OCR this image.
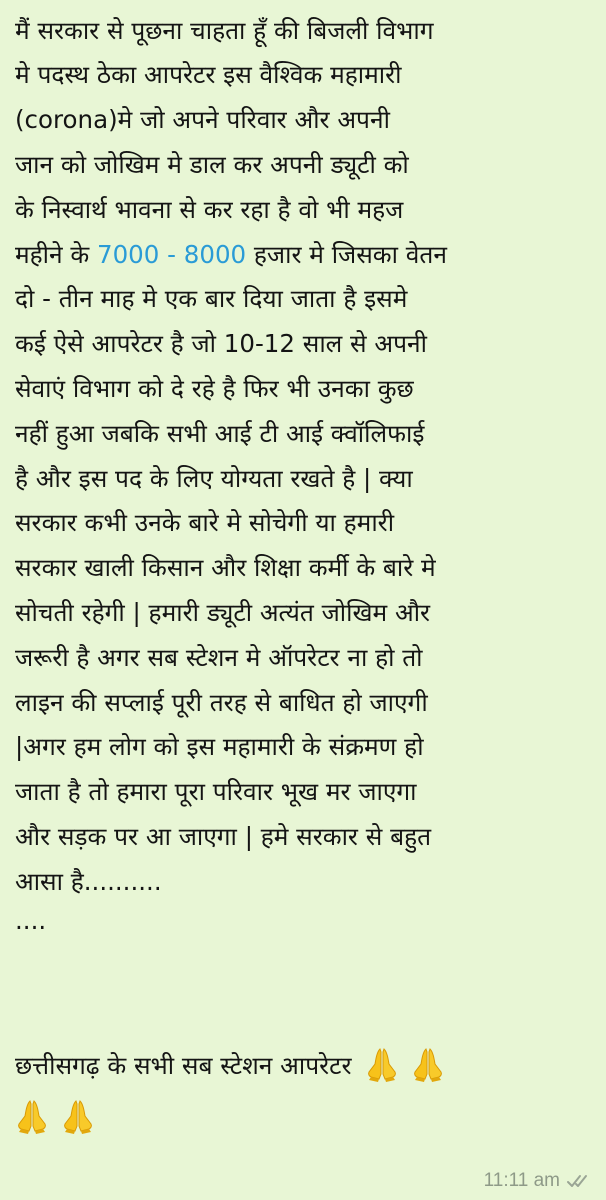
मैं सरकार से पूछना चाहता हूँ की बिजली विभाग
मे पदस्थ ठेका आपरेटर इस वैश्विक महामारी
(corona)मे जो अपने परिवार और अपनी
जान को जोखिम मे डाल कर अपनी ड्यूटी को
के निस्वार्थ भावना से कर रहा है वो भी महज
महीने के 7000 - 8000 हजार मे जिसका वेतन
दो - तीन माह मे एक बार दिया जाता है इसमे
कई ऐसे आपरेटर है जो 10-12 साल से अपनी
सेवाएं विभाग को दे रहे है फिर भी उनका कुछ
नहीं हुआ जबकि सभी आई टी आई क्वॉलिफाई
है और इस पद के लिए योग्यता रखते है | क्या
सरकार कभी उनके बारे मे सोचेगी या हमारी
सरकार खाली किसान और शिक्षा कर्मी के बारे मे
सोचती रहेगी | हमारी ड्यूटी अत्यंत जोखिम और
जरूरी है अगर सब स्टेशन मे ऑपरेटर ना हो तो
लाइन की सप्लाई पूरी तरह से बाधित हो जाएगी
|अगर हम लोग को इस महामारी के संक्रमण हो
जाता है तो हमारा पूरा परिवार भूख मर जाएगा
और सड़क पर आ जाएगा | हमे सरकार से बहुत
आसा है..........
....
छत्तीसगढ़ के सभी सब स्टेशन आपरेटर

11:11 am
